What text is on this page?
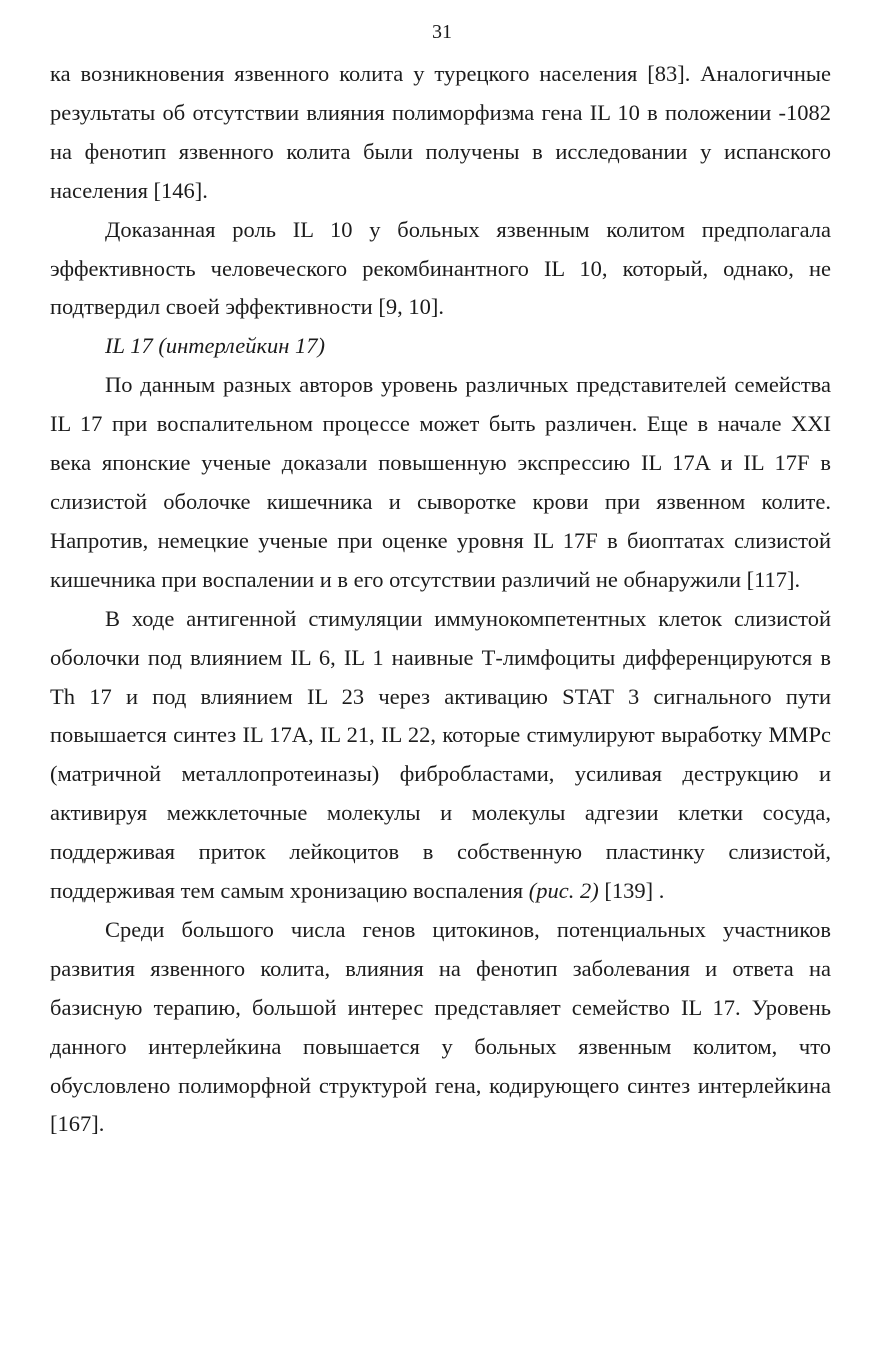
31

ка возникновения язвенного колита у турецкого населения [83]. Аналогичные результаты об отсутствии влияния полиморфизма гена IL 10 в положении -1082 на фенотип язвенного колита были получены в исследовании у испанского населения [146].

Доказанная роль IL 10 у больных язвенным колитом предполагала эффективность человеческого рекомбинантного IL 10, который, однако, не подтвердил своей эффективности [9, 10].

IL 17 (интерлейкин 17)

По данным разных авторов уровень различных представителей семейства IL 17 при воспалительном процессе может быть различен. Еще в начале XXI века японские ученые доказали повышенную экспрессию IL 17A и IL 17F в слизистой оболочке кишечника и сыворотке крови при язвенном колите. Напротив, немецкие ученые при оценке уровня IL 17F в биоптатах слизистой кишечника при воспалении и в его отсутствии различий не обнаружили [117].

В ходе антигенной стимуляции иммунокомпетентных клеток слизистой оболочки под влиянием IL 6, IL 1 наивные Т-лимфоциты дифференцируются в Th 17 и под влиянием IL 23 через активацию STAT 3 сигнального пути повышается синтез IL 17A, IL 21, IL 22, которые стимулируют выработку MMPc (матричной металлопротеиназы) фибробластами, усиливая деструкцию и активируя межклеточные молекулы и молекулы адгезии клетки сосуда, поддерживая приток лейкоцитов в собственную пластинку слизистой, поддерживая тем самым хронизацию воспаления (рис. 2) [139] .

Среди большого числа генов цитокинов, потенциальных участников развития язвенного колита, влияния на фенотип заболевания и ответа на базисную терапию, большой интерес представляет семейство IL 17. Уровень данного интерлейкина повышается у больных язвенным колитом, что обусловлено полиморфной структурой гена, кодирующего синтез интерлейкина [167].
